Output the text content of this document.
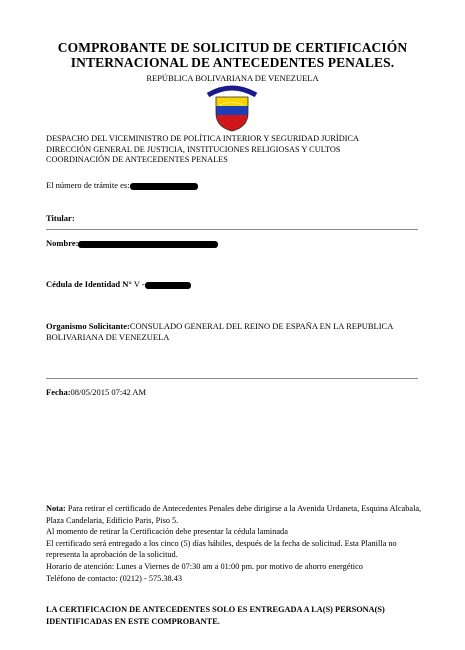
COMPROBANTE DE SOLICITUD DE CERTIFICACIÓN
INTERNACIONAL DE ANTECEDENTES PENALES.
REPÚBLICA BOLIVARIANA DE VENEZUELA
DESPACHO DEL VICEMINISTRO DE POLÍTICA INTERIOR Y SEGURIDAD JURÍDICA
DIRECCIÓN GENERAL DE JUSTICIA, INSTITUCIONES RELIGIOSAS Y CULTOS
COORDINACIÓN DE ANTECEDENTES PENALES
El número de trámite es:
Titular:
Nombre:
Cédula de Identidad N° V -
Organismo Solicitante:CONSULADO GENERAL DEL REINO DE ESPAÑA EN LA REPUBLICA BOLIVARIANA DE VENEZUELA
Fecha:08/05/2015 07:42 AM

Nota: Para retirar el certificado de Antecedentes Penales debe dirigirse a la Avenida Urdaneta, Esquina Alcabala, Plaza Candelaria, Edificio Paris, Piso 5.

Al momento de retirar la Certificación debe presentar la cédula laminada

El certificado será entregado a los cinco (5) días hábiles, después de la fecha de solicitud. Esta Planilla no representa la aprobación de la solicitud.

Horario de atención: Lunes a Viernes de 07:30 am a 01:00 pm. por motivo de ahorro energético

Teléfono de contacto: (0212) - 575.38.43

LA CERTIFICACION DE ANTECEDENTES SOLO ES ENTREGADA A LA(S) PERSONA(S) IDENTIFICADAS EN ESTE COMPROBANTE.
